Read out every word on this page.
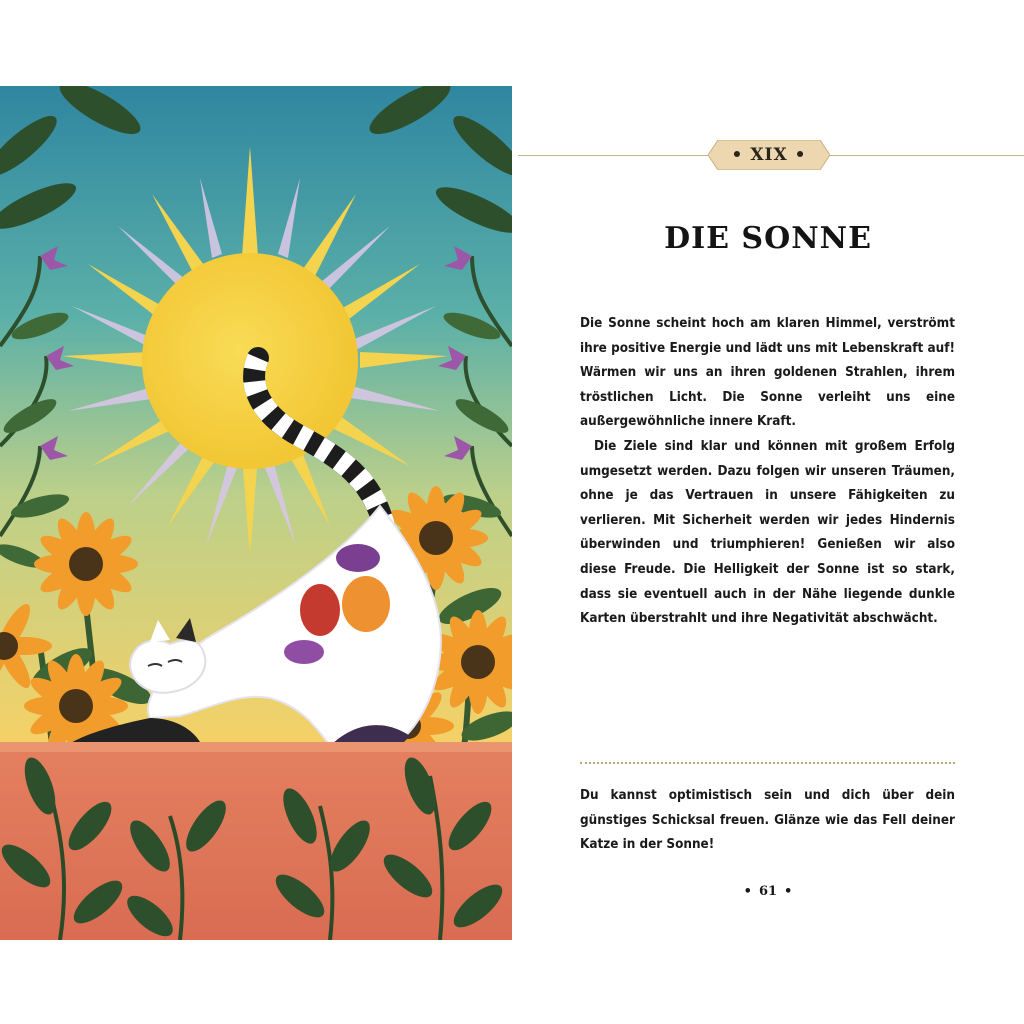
• XIX •
DIE SONNE

Die Sonne scheint hoch am klaren Himmel, verströmt ihre positive Energie und lädt uns mit Lebenskraft auf! Wärmen wir uns an ihren goldenen Strahlen, ihrem tröstlichen Licht. Die Sonne verleiht uns eine außergewöhnliche innere Kraft.

Die Ziele sind klar und können mit großem Erfolg umgesetzt werden. Dazu folgen wir unseren Träumen, ohne je das Vertrauen in unsere Fähigkeiten zu verlieren. Mit Sicherheit werden wir jedes Hindernis überwinden und triumphieren! Genießen wir also diese Freude. Die Helligkeit der Sonne ist so stark, dass sie eventuell auch in der Nähe liegende dunkle Karten überstrahlt und ihre Negativität abschwächt.

Du kannst optimistisch sein und dich über dein günstiges Schicksal freuen. Glänze wie das Fell deiner Katze in der Sonne!

• 61 •
